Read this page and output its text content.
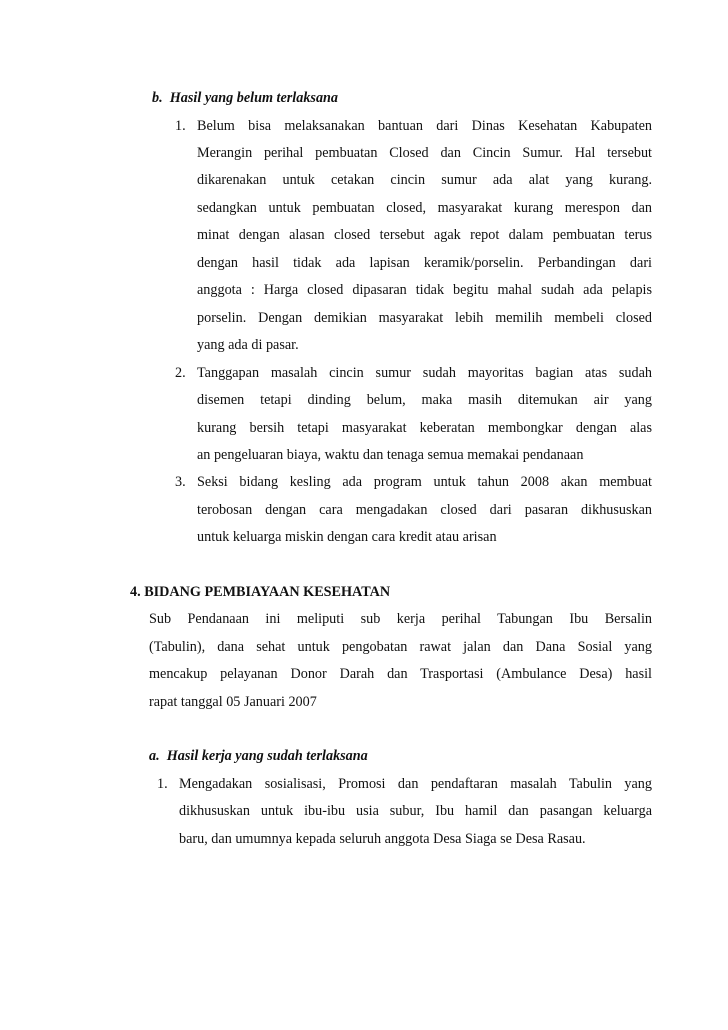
b. Hasil yang belum terlaksana
1. Belum bisa melaksanakan bantuan dari Dinas Kesehatan Kabupaten
Merangin perihal pembuatan Closed dan Cincin Sumur. Hal tersebut
dikarenakan untuk cetakan cincin sumur ada alat yang kurang.
sedangkan untuk pembuatan closed, masyarakat kurang merespon dan
minat dengan alasan closed tersebut agak repot dalam pembuatan terus
dengan hasil tidak ada lapisan keramik/porselin. Perbandingan dari
anggota : Harga closed dipasaran tidak begitu mahal sudah ada pelapis
porselin. Dengan demikian masyarakat lebih memilih membeli closed
yang ada di pasar.
2. Tanggapan masalah cincin sumur sudah mayoritas bagian atas sudah
disemen tetapi dinding belum, maka masih ditemukan air yang
kurang bersih tetapi masyarakat keberatan membongkar dengan alas
an pengeluaran biaya, waktu dan tenaga semua memakai pendanaan
3. Seksi bidang kesling ada program untuk tahun 2008 akan membuat
terobosan dengan cara mengadakan closed dari pasaran dikhususkan
untuk keluarga miskin dengan cara kredit atau arisan
4. BIDANG PEMBIAYAAN KESEHATAN
Sub Pendanaan ini meliputi sub kerja perihal Tabungan Ibu Bersalin
(Tabulin), dana sehat untuk pengobatan rawat jalan dan Dana Sosial yang
mencakup pelayanan Donor Darah dan Trasportasi (Ambulance Desa) hasil
rapat tanggal 05 Januari 2007
a. Hasil kerja yang sudah terlaksana
1. Mengadakan sosialisasi, Promosi dan pendaftaran masalah Tabulin yang
dikhususkan untuk ibu-ibu usia subur, Ibu hamil dan pasangan keluarga
baru, dan umumnya kepada seluruh anggota Desa Siaga se Desa Rasau.
